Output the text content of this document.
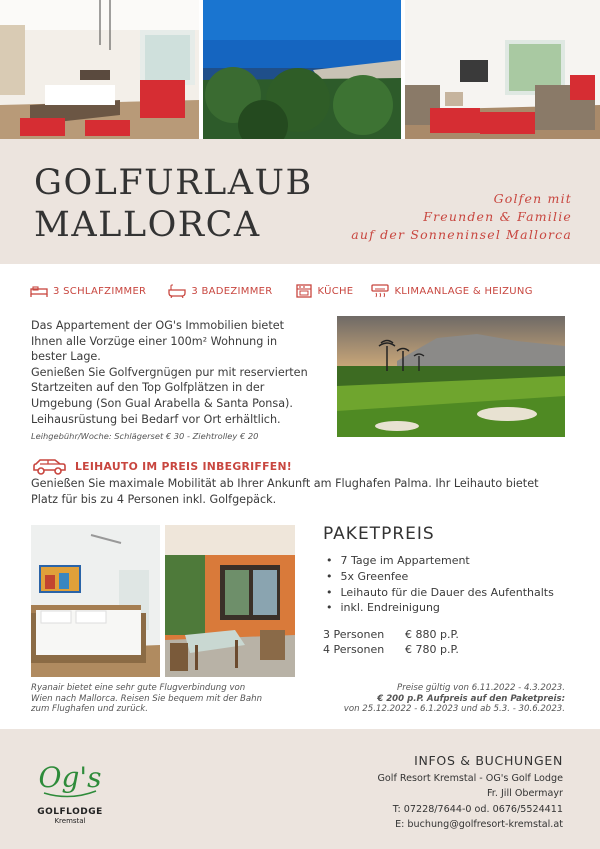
GOLFURLAUB
MALLORCA
Golfen mit
Freunden & Familie
auf der Sonneninsel Mallorca
3 SCHLAFZIMMER	3 BADEZIMMER	KÜCHE	KLIMAANLAGE & HEIZUNG
Das Appartement der OG's Immobilien bietet
Ihnen alle Vorzüge einer 100m² Wohnung in
bester Lage.
Genießen Sie Golfvergnügen pur mit reservierten
Startzeiten auf den Top Golfplätzen in der
Umgebung (Son Gual Arabella & Santa Ponsa).
Leihausrüstung bei Bedarf vor Ort erhältlich.
Leihgebühr/Woche: Schlägerset € 30 - Ziehtrolley € 20
LEIHAUTO IM PREIS INBEGRIFFEN!
Genießen Sie maximale Mobilität ab Ihrer Ankunft am Flughafen Palma. Ihr Leihauto bietet
Platz für bis zu 4 Personen inkl. Golfgepäck.
PAKETPREIS
• 7 Tage im Appartement
• 5x Greenfee
• Leihauto für die Dauer des Aufenthalts
• inkl. Endreinigung
3 Personen	€ 880 p.P.
4 Personen	€ 780 p.P.
Ryanair bietet eine sehr gute Flugverbindung von
Wien nach Mallorca. Reisen Sie bequem mit der Bahn
zum Flughafen und zurück.
Preise gültig von 6.11.2022 - 4.3.2023.
€ 200 p.P. Aufpreis auf den Paketpreis:
von 25.12.2022 - 6.1.2023 und ab 5.3. - 30.6.2023.
Og's
GOLFLODGE
Kremstal
INFOS & BUCHUNGEN
Golf Resort Kremstal - OG's Golf Lodge
Fr. Jill Obermayr
T: 07228/7644-0 od. 0676/5524411
E: buchung@golfresort-kremstal.at
